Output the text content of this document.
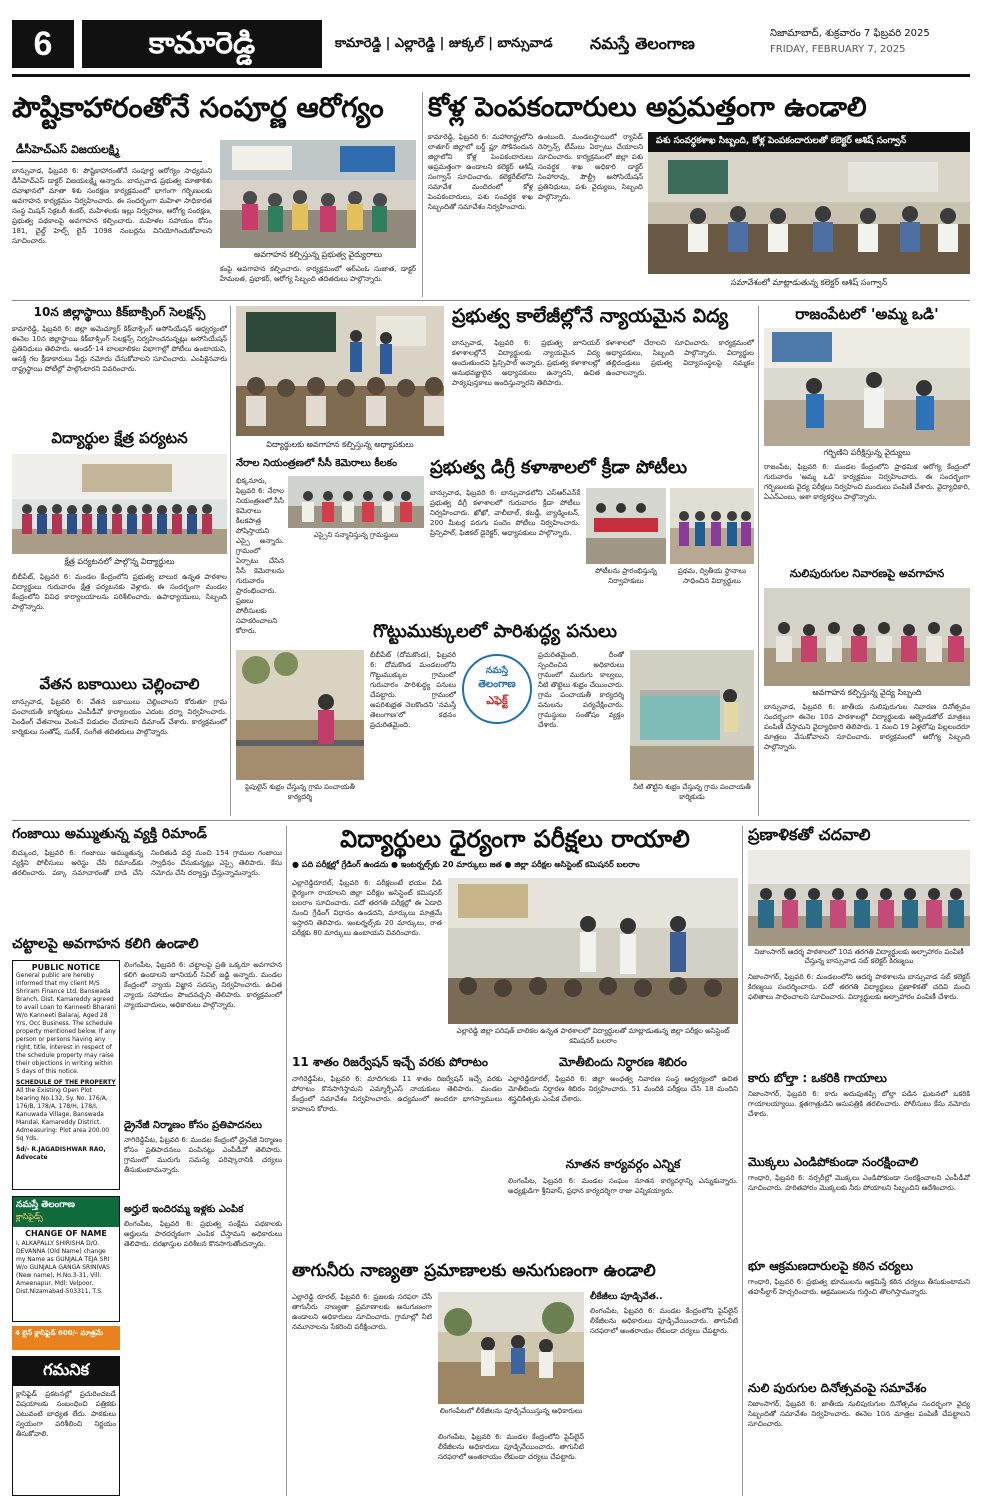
6	కామారెడ్డి	కామారెడ్డి | ఎల్లారెడ్డి | జుక్కల్ | బాన్సువాడ నమస్తే తెలంగాణ
నిజామాబాద్, శుక్రవారం 7 ఫిబ్రవరి 2025
FRIDAY, FEBRUARY 7, 2025
పౌష్టికాహారంతోనే సంపూర్ణ ఆరోగ్యం
డీసీహెచ్ఎస్ విజయలక్ష్మి
బాన్సువాడ, ఫిబ్రవరి 6: పౌష్టికాహారంతోనే సంపూర్ణ ఆరోగ్యం సాధ్యమని డీసీహెచ్ఎస్ డాక్టర్ విజయలక్ష్మి అన్నారు. బాన్సువాడ ప్రభుత్వ మాతాశిశు దవాఖానలో మాతా శిశు సంరక్షణ కార్యక్రమంలో భాగంగా గర్భిణులకు అవగాహన కార్యక్రమం నిర్వహించారు. ఈ సందర్భంగా మహిళా సాధికారత సంస్థ మిషన్ సెక్రటరీ శంకర్, మహిళలకు ఇల్లు నిర్వహణ, ఆరోగ్య సంరక్షణ, ప్రభుత్వ పథకాలపై అవగాహన కల్పించారు. మహిళల సహాయం కోసం 181, చైల్డ్ హెల్ప్ లైన్ 1098 నంబర్లను వినియోగించుకోవాలని సూచించారు.
అవగాహన కల్పిస్తున్న ప్రభుత్వ వైద్యురాలు
కంపై అవగాహన కల్పించారు. కార్యక్రమంలో ఆర్ఎంఓ సుజాత, డాక్టర్ హేమలత, ప్రభాకర్, ఆరోగ్య సిబ్బంది తదితరులు పాల్గొన్నారు.
కోళ్ల పెంపకందారులు అప్రమత్తంగా ఉండాలి
కామారెడ్డి, ఫిబ్రవరి 6: మహారాష్ట్రలోని లాతూర్ జిల్లాలో బర్డ్ ఫ్లూ సోకినందున జిల్లాలోని కోళ్ల పెంపకందారులు అప్రమత్తంగా ఉండాలని కలెక్టర్ ఆశిష్ సంగ్వాన్ సూచించారు. కలెక్టరేట్‌లోని సమావేశ మందిరంలో కోళ్ల పెంపకందారులు, పశు సంవర్ధక శాఖ సిబ్బందితో సమావేశం నిర్వహించారు.
ఉంటుంది. మండలస్థాయిలో ర్యాపిడ్ రెస్పాన్స్ టీమ్‌లు ఏర్పాటు చేయాలని సూచించారు. కార్యక్రమంలో జిల్లా పశు సంవర్ధక శాఖ అధికారి డాక్టర్ సింహారావు, పౌల్ట్రీ అసోసియేషన్ ప్రతినిధులు, పశు వైద్యులు, సిబ్బంది పాల్గొన్నారు.
పశు సంవర్ధకశాఖ సిబ్బంది, కోళ్ల పెంపకందారులతో కలెక్టర్ ఆశిష్ సంగ్వాన్
సమావేశంలో మాట్లాడుతున్న కలెక్టర్ ఆశిష్ సంగ్వాన్
10న జిల్లాస్థాయి కిక్‌బాక్సింగ్ సెలక్షన్స్
కామారెడ్డి, ఫిబ్రవరి 6: జిల్లా అమెచ్యూర్ కిక్‌బాక్సింగ్ అసోసియేషన్ ఆధ్వర్యంలో ఈనెల 10న జిల్లాస్థాయి కిక్‌బాక్సింగ్ సెలక్షన్స్ నిర్వహించనున్నట్లు అసోసియేషన్ ప్రతినిధులు తెలిపారు. అండర్-14 బాలబాలికల విభాగాల్లో పోటీలు ఉంటాయని, ఆసక్తి గల క్రీడాకారులు పేర్లు నమోదు చేసుకోవాలని సూచించారు. ఎంపికైనవారు రాష్ట్రస్థాయి పోటీల్లో పాల్గొంటారని వివరించారు.
విద్యార్థుల క్షేత్ర పర్యటన
క్షేత్ర పర్యటనలో పాల్గొన్న విద్యార్థులు
బీబీపేట్, ఫిబ్రవరి 6: మండల కేంద్రంలోని ప్రభుత్వ బాలుర ఉన్నత పాఠశాల విద్యార్థులు గురువారం క్షేత్ర పర్యటనకు వెళ్లారు. ఈ సందర్భంగా మండల కేంద్రంలోని వివిధ కార్యాలయాలను పరిశీలించారు. ఉపాధ్యాయులు, సిబ్బంది పాల్గొన్నారు.
వేతన బకాయిలు చెల్లించాలి
బాన్సువాడ, ఫిబ్రవరి 6: వేతన బకాయిలు చెల్లించాలని కోరుతూ గ్రామ పంచాయతీ కార్మికులు ఎంపీడీవో కార్యాలయం ఎదుట ధర్నా నిర్వహించారు. పెండింగ్ వేతనాలు వెంటనే విడుదల చేయాలని డిమాండ్ చేశారు. కార్యక్రమంలో కార్మికులు సంతోష్, సురేశ్, సంగీత తదితరులు పాల్గొన్నారు.
విద్యార్థులకు అవగాహన కల్పిస్తున్న అధ్యాపకులు
ప్రభుత్వ కాలేజీల్లోనే న్యాయమైన విద్య
బాన్సువాడ, ఫిబ్రవరి 6: ప్రభుత్వ జూనియర్ కళాశాలల్లోనే విద్యార్థులకు న్యాయమైన విద్య అందుతుందని ప్రిన్సిపాల్ అన్నారు. ప్రభుత్వ కళాశాలల్లో అనుభవజ్ఞులైన అధ్యాపకులు ఉన్నారని, ఉచిత పాఠ్యపుస్తకాలు అందిస్తున్నారని తెలిపారు.
కళాశాలలో చేరాలని సూచించారు. కార్యక్రమంలో అధ్యాపకులు, సిబ్బంది పాల్గొన్నారు. విద్యార్థుల తల్లిదండ్రులు ప్రభుత్వ విద్యాసంస్థలపై నమ్మకం ఉంచాలన్నారు.
నేరాల నియంత్రణలో సీసీ కెమెరాలు కీలకం
భిక్కనూరు, ఫిబ్రవరి 6: నేరాల నియంత్రణలో సీసీ కెమెరాలు కీలకపాత్ర పోషిస్తాయని ఎస్సై అన్నారు. గ్రామంలో ఏర్పాటు చేసిన సీసీ కెమెరాలను గురువారం ప్రారంభించారు. ప్రజలు పోలీసులకు సహకరించాలని కోరారు.
ఎస్సైని సన్మానిస్తున్న గ్రామస్థులు
ప్రభుత్వ డిగ్రీ కళాశాలలో క్రీడా పోటీలు
బాన్సువాడ, ఫిబ్రవరి 6: బాన్సువాడలోని ఎస్ఆర్ఎన్‌కే ప్రభుత్వ డిగ్రీ కళాశాలలో గురువారం క్రీడా పోటీలు నిర్వహించారు. ఖోఖో, వాలీబాల్, కబడ్డీ, బ్యాడ్మింటన్, 200 మీటర్ల పరుగు పందెం పోటీలు నిర్వహించారు. ప్రిన్సిపాల్, ఫిజికల్ డైరెక్టర్, అధ్యాపకులు పాల్గొన్నారు.
పోటీలను ప్రారంభిస్తున్న నిర్వాహకులు
ప్రథమ, ద్వితీయ స్థానాలు సాధించిన విద్యార్థులు
రాజంపేటలో 'అమ్మ ఒడి'
గర్భిణిని పరీక్షిస్తున్న వైద్యులు
రాజంపేట, ఫిబ్రవరి 6: మండల కేంద్రంలోని ప్రాథమిక ఆరోగ్య కేంద్రంలో గురువారం 'అమ్మ ఒడి' కార్యక్రమం నిర్వహించారు. ఈ సందర్భంగా గర్భిణులకు వైద్య పరీక్షలు నిర్వహించి మందులు పంపిణీ చేశారు. వైద్యాధికారి, ఏఎన్ఎంలు, ఆశా కార్యకర్తలు పాల్గొన్నారు.
నులిపురుగుల నివారణపై అవగాహన
అవగాహన కల్పిస్తున్న వైద్య సిబ్బంది
బాన్సువాడ, ఫిబ్రవరి 6: జాతీయ నులిపురుగుల నివారణ దినోత్సవం సందర్భంగా ఈనెల 10న పాఠశాలల్లో విద్యార్థులకు ఆల్బెండజోల్ మాత్రలు పంపిణీ చేస్తామని వైద్యాధికారి తెలిపారు. 1 నుంచి 19 ఏళ్లలోపు పిల్లలందరూ మాత్రలు వేసుకోవాలని సూచించారు. కార్యక్రమంలో ఆరోగ్య సిబ్బంది పాల్గొన్నారు.
గొట్టుముక్కులలో పారిశుద్ధ్య పనులు
పైపులైన్ శుభ్రం చేస్తున్న గ్రామ పంచాయతీ కార్యదర్శి
బీబీపేట్ (దోమకొండ), ఫిబ్రవరి 6: దోమకొండ మండలంలోని గొట్టుముక్కుల గ్రామంలో గురువారం పారిశుద్ధ్య పనులు చేపట్టారు. గ్రామంలో అపరిశుభ్రత నెలకొందని 'నమస్తే తెలంగాణ'లో కథనం ప్రచురితమైంది.
నమస్తే
తెలంగాణ
ఎఫెక్ట్
ప్రచురితమైంది. దీంతో స్పందించిన అధికారులు గ్రామంలో మురుగు కాల్వలు, నీటి తొట్టెలు శుభ్రం చేయించారు. గ్రామ పంచాయతీ కార్యదర్శి పనులను పర్యవేక్షించారు. గ్రామస్థులు సంతోషం వ్యక్తం చేశారు.
నీటి తొట్టిని శుభ్రం చేస్తున్న గ్రామ పంచాయతీ కార్మికుడు
గంజాయి అమ్ముతున్న వ్యక్తి రిమాండ్
బిచ్కుంద, ఫిబ్రవరి 6: గంజాయి అమ్ముతున్న వ్యక్తిని పోలీసులు అరెస్టు చేసి రిమాండ్‌కు తరలించారు. పక్కా సమాచారంతో దాడి చేసి నిందితుడి వద్ద నుంచి 154 గ్రాముల గంజాయి స్వాధీనం చేసుకున్నట్లు ఎస్సై తెలిపారు. కేసు నమోదు చేసి దర్యాప్తు చేస్తున్నామన్నారు.
చట్టాలపై అవగాహన కలిగి ఉండాలి
లింగంపేట, ఫిబ్రవరి 6: చట్టాలపై ప్రతి ఒక్కరూ అవగాహన కలిగి ఉండాలని జూనియర్ సివిల్ జడ్జి అన్నారు. మండల కేంద్రంలో న్యాయ విజ్ఞాన సదస్సు నిర్వహించారు. ఉచిత న్యాయ సహాయం పొందవచ్చని తెలిపారు. కార్యక్రమంలో న్యాయవాదులు, అధికారులు పాల్గొన్నారు.
PUBLIC NOTICE
General public are hereby informed that my client M/S Shriram Finance Ltd, Banswada Branch, Dist. Kamareddy agreed to avail Loan to Kanneeti Bharani W/o Kanneeti Balaraj, Aged 28 Yrs, Occ Business. The schedule property mentioned below. If any person or persons having any right, title, interest in respect of the schedule property may raise their objections in writing within 5 days of this notice.
SCHEDULE OF THE PROPERTY
All the Existing Open Plot bearing No.132, Sy. No. 176/A, 176/B, 178/A, 178/H, 178/I, Kanuwada Village, Banswada Mandal, Kamareddy District. Admeasuring: Plot area 200.00 Sq Yds.
Sd/- R.JAGADISHWAR RAO, Advocate
డ్రైనేజీ నిర్మాణం కోసం ప్రతిపాదనలు
నాగిరెడ్డిపేట, ఫిబ్రవరి 6: మండల కేంద్రంలో డ్రైనేజీ నిర్మాణం కోసం ప్రతిపాదనలు పంపినట్లు ఎంపీడీవో తెలిపారు. గ్రామంలో మురుగు సమస్య పరిష్కారానికి చర్యలు తీసుకుంటామన్నారు.
నమస్తే తెలంగాణ
క్లాసిఫైడ్స్
CHANGE OF NAME
I, ALKAPALLY SHIRISHA D/O. DEVANNA (Old Name) change my Name as GUNJALA TEJA SRI W/o GUNJALA GANGA SRINIVAS (New name), H.No.3-31, Vill: Ameenapur, Mdl: Velpoor, Dist.Nizamabad-503311, T.S.
4 లైన్ క్లాసిఫైడ్ 600/- మాత్రమే
గమనిక
క్లాసిఫైడ్ ప్రకటనల్లో ప్రచురించబడే విషయాలకు సంబంధించి పత్రికకు ఎటువంటి బాధ్యత లేదు. పాఠకులు స్వయంగా పరిశీలించి నిర్ణయం తీసుకోవాలి.
అర్హులే ఇందిరమ్మ ఇళ్లకు ఎంపిక
లింగంపేట, ఫిబ్రవరి 6: ప్రభుత్వ సంక్షేమ పథకాలకు అర్హులను పారదర్శకంగా ఎంపిక చేస్తామని అధికారులు తెలిపారు. దరఖాస్తుల పరిశీలన కొనసాగుతోందన్నారు.
విద్యార్థులు ధైర్యంగా పరీక్షలు రాయాలి
● పది పరీక్షల్లో గ్రేడింగ్ ఉండదు ● ఇంటర్నల్స్‌కు 20 మార్కులు జత ● జిల్లా పరీక్షల అసిస్టెంట్ కమిషనర్ బలరాం
ఎల్లారెడ్డిరూరల్, ఫిబ్రవరి 6: పరీక్షలంటే భయం వీడి ధైర్యంగా రాయాలని జిల్లా పరీక్షల అసిస్టెంట్ కమిషనర్ బలరాం సూచించారు. పదో తరగతి పరీక్షల్లో ఈ ఏడాది నుంచి గ్రేడింగ్ విధానం ఉండదని, మార్కులు మాత్రమే ఇస్తారని తెలిపారు. ఇంటర్నల్స్‌కు 20 మార్కులు, రాత పరీక్షకు 80 మార్కులు ఉంటాయని వివరించారు.
ఎల్లారెడ్డి జిల్లా పరిషత్ బాలికల ఉన్నత పాఠశాలలో విద్యార్థులతో మాట్లాడుతున్న జిల్లా పరీక్షల అసిస్టెంట్ కమిషనర్ బలరాం
11 శాతం రిజర్వేషన్ ఇచ్చే వరకు పోరాటం
నాగిరెడ్డిపేట, ఫిబ్రవరి 6: మాదిగలకు 11 శాతం రిజర్వేషన్ ఇచ్చే వరకు పోరాటం కొనసాగిస్తామని ఎమ్మార్పీఎస్ నాయకులు తెలిపారు. మండల కేంద్రంలో సమావేశం నిర్వహించారు. ఉద్యమంలో అందరూ భాగస్వాములు కావాలని కోరారు.
మోతీబిందు నిర్ధారణ శిబిరం
ఎల్లారెడ్డిరూరల్, ఫిబ్రవరి 6: జిల్లా అంధత్వ నివారణ సంస్థ ఆధ్వర్యంలో ఉచిత మోతీబిందు నిర్ధారణ శిబిరం నిర్వహించారు. 51 మందికి పరీక్షలు చేసి 18 మందిని శస్త్రచికిత్సకు ఎంపిక చేశారు.
నూతన కార్యవర్గం ఎన్నిక
లింగంపేట, ఫిబ్రవరి 6: మండల సంఘం నూతన కార్యవర్గాన్ని ఎన్నుకున్నారు. అధ్యక్షుడిగా శ్రీనివాస్, ప్రధాన కార్యదర్శిగా రాజు ఎన్నికయ్యారు.
తాగునీరు నాణ్యతా ప్రమాణాలకు అనుగుణంగా ఉండాలి
ఎల్లారెడ్డి రూరల్, ఫిబ్రవరి 6: ప్రజలకు సరఫరా చేసే తాగునీరు నాణ్యతా ప్రమాణాలకు అనుగుణంగా ఉండాలని అధికారులు సూచించారు. గ్రామాల్లో నీటి నమూనాలను సేకరించి పరీక్షించారు.
లింగంపేటలో లీకేజీలను పూడ్చివేయిస్తున్న అధికారులు
లింగంపేట, ఫిబ్రవరి 6: మండల కేంద్రంలోని పైప్‌లైన్ లీకేజీలను అధికారులు పూడ్చివేయించారు. తాగునీటి సరఫరాలో అంతరాయం లేకుండా చర్యలు చేపట్టారు.
లీకేజీలు పూడ్చివేత..
లింగంపేట, ఫిబ్రవరి 6: మండల కేంద్రంలోని పైప్‌లైన్ లీకేజీలను అధికారులు పూడ్చివేయించారు. తాగునీటి సరఫరాలో అంతరాయం లేకుండా చర్యలు చేపట్టారు.
ప్రణాళికతో చదవాలి
నిజాంసాగర్ ఆదర్శ పాఠశాలలో 10వ తరగతి విద్యార్థులకు అల్పాహారం పంపిణీ చేస్తున్న బాన్సువాడ సబ్ కలెక్టర్ కిరణ్మయి
నిజాంసాగర్, ఫిబ్రవరి 6: మండలంలోని ఆదర్శ పాఠశాలను బాన్సువాడ సబ్ కలెక్టర్ కిరణ్మయి సందర్శించారు. పదో తరగతి విద్యార్థులు ప్రణాళికతో చదివి మంచి ఫలితాలు సాధించాలని సూచించారు. విద్యార్థులకు అల్పాహారం పంపిణీ చేశారు.
కారు బోల్తా : ఒకరికి గాయాలు
నిజాంసాగర్, ఫిబ్రవరి 6: కారు అదుపుతప్పి బోల్తా పడిన ఘటనలో ఒకరికి గాయాలయ్యాయి. క్షతగాత్రుడిని ఆసుపత్రికి తరలించారు. పోలీసులు కేసు నమోదు చేశారు.
మొక్కలు ఎండిపోకుండా సంరక్షించాలి
గాంధారి, ఫిబ్రవరి 6: నర్సరీల్లో మొక్కలు ఎండిపోకుండా సంరక్షించాలని ఎంపీడీవో సూచించారు. హరితహారం మొక్కలకు నీరు పోయాలని సిబ్బందిని ఆదేశించారు.
భూ ఆక్రమణదారులపై కఠిన చర్యలు
గాంధారి, ఫిబ్రవరి 6: ప్రభుత్వ భూములను ఆక్రమిస్తే కఠిన చర్యలు తీసుకుంటామని తహసీల్దార్ హెచ్చరించారు. ఆక్రమణలను గుర్తించి తొలగిస్తామన్నారు.
నులి పురుగుల దినోత్సవంపై సమావేశం
నిజాంసాగర్, ఫిబ్రవరి 6: జాతీయ నులిపురుగుల దినోత్సవం సందర్భంగా వైద్య సిబ్బందితో సమావేశం నిర్వహించారు. ఈనెల 10న మాత్రల పంపిణీ చేపట్టాలని సూచించారు.
